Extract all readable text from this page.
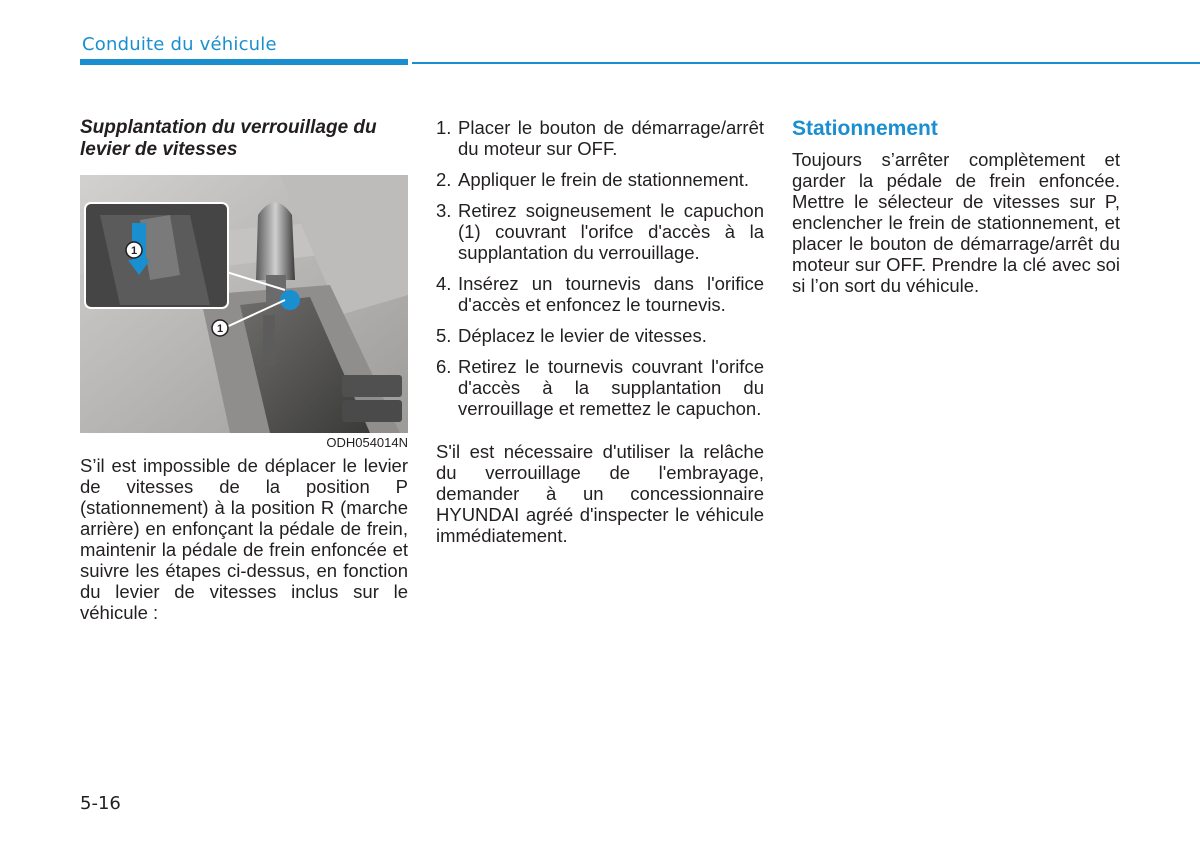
Conduite du véhicule
Supplantation du verrouillage du levier de vitesses
1
1
ODH054014N

S’il est impossible de déplacer le levier de vitesses de la position P (stationnement) à la position R (marche arrière) en enfonçant la pédale de frein, maintenir la pédale de frein enfoncée et suivre les étapes ci-dessus, en fonction du levier de vitesses inclus sur le véhicule :

1. Placer le bouton de démarrage/arrêt du moteur sur OFF.
2. Appliquer le frein de stationnement.
3. Retirez soigneusement le capuchon (1) couvrant l'orifce d'accès à la supplantation du verrouillage.
4. Insérez un tournevis dans l'orifice d'accès et enfoncez le tournevis.
5. Déplacez le levier de vitesses.
6. Retirez le tournevis couvrant l'orifce d'accès à la supplantation du verrouillage et remettez le capuchon.

S'il est nécessaire d'utiliser la relâche du verrouillage de l'embrayage, demander à un concessionnaire HYUNDAI agréé d'inspecter le véhicule immédiatement.

Stationnement

Toujours s’arrêter complètement et garder la pédale de frein enfoncée. Mettre le sélecteur de vitesses sur P, enclencher le frein de stationnement, et placer le bouton de démarrage/arrêt du moteur sur OFF. Prendre la clé avec soi si l’on sort du véhicule.

5-16
